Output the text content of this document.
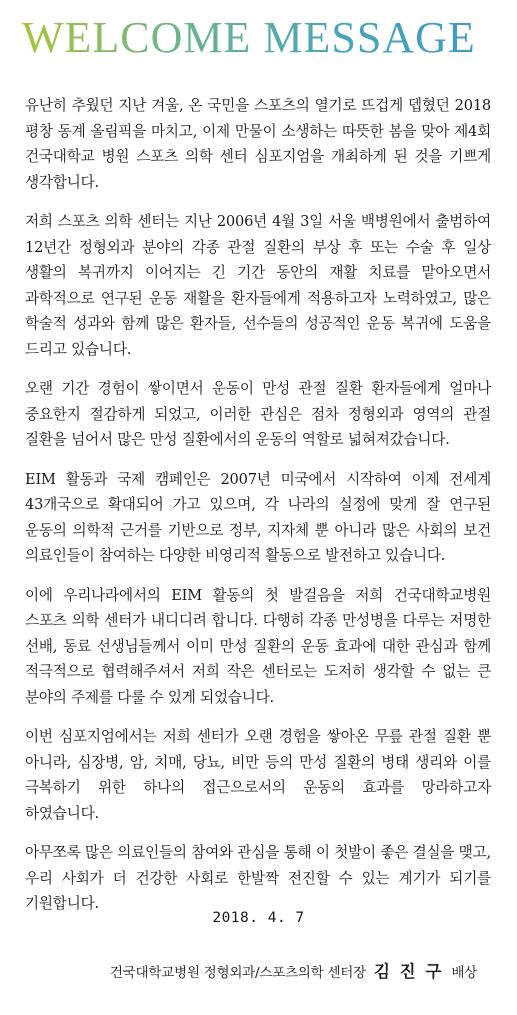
WELCOME MESSAGE

유난히 추웠던 지난 겨울, 온 국민을 스포츠의 열기로 뜨겁게 뎁혔던 2018 평창 동계 올림픽을 마치고, 이제 만물이 소생하는 따뜻한 봄을 맞아 제4회 건국대학교 병원 스포츠 의학 센터 심포지엄을 개최하게 된 것을 기쁘게 생각합니다.

저희 스포츠 의학 센터는 지난 2006년 4월 3일 서울 백병원에서 출범하여 12년간 정형외과 분야의 각종 관절 질환의 부상 후 또는 수술 후 일상 생활의 복귀까지 이어지는 긴 기간 동안의 재활 치료를 맡아오면서 과학적으로 연구된 운동 재활을 환자들에게 적용하고자 노력하였고, 많은 학술적 성과와 함께 많은 환자들, 선수들의 성공적인 운동 복귀에 도움을 드리고 있습니다.

오랜 기간 경험이 쌓이면서 운동이 만성 관절 질환 환자들에게 얼마나 중요한지 절감하게 되었고, 이러한 관심은 점차 정형외과 영역의 관절 질환을 넘어서 많은 만성 질환에서의 운동의 역할로 넓혀져갔습니다.

EIM 활동과 국제 캠페인은 2007년 미국에서 시작하여 이제 전세계 43개국으로 확대되어 가고 있으며, 각 나라의 실정에 맞게 잘 연구된 운동의 의학적 근거를 기반으로 정부, 지자체 뿐 아니라 많은 사회의 보건 의료인들이 참여하는 다양한 비영리적 활동으로 발전하고 있습니다.

이에 우리나라에서의 EIM 활동의 첫 발걸음을 저희 건국대학교병원 스포츠 의학 센터가 내디디려 합니다. 다행히 각종 만성병을 다루는 저명한 선배, 동료 선생님들께서 이미 만성 질환의 운동 효과에 대한 관심과 함께 적극적으로 협력해주셔서 저희 작은 센터로는 도저히 생각할 수 없는 큰 분야의 주제를 다룰 수 있게 되었습니다.

이번 심포지엄에서는 저희 센터가 오랜 경험을 쌓아온 무릎 관절 질환 뿐 아니라, 심장병, 암, 치매, 당뇨, 비만 등의 만성 질환의 병태 생리와 이를 극복하기 위한 하나의 접근으로서의 운동의 효과를 망라하고자 하였습니다.

아무쪼록 많은 의료인들의 참여와 관심을 통해 이 첫발이 좋은 결실을 맺고, 우리 사회가 더 건강한 사회로 한발짝 전진할 수 있는 계기가 되기를 기원합니다.

2018. 4. 7
건국대학교병원 정형외과/스포츠의학 센터장 김 진 구 배상
